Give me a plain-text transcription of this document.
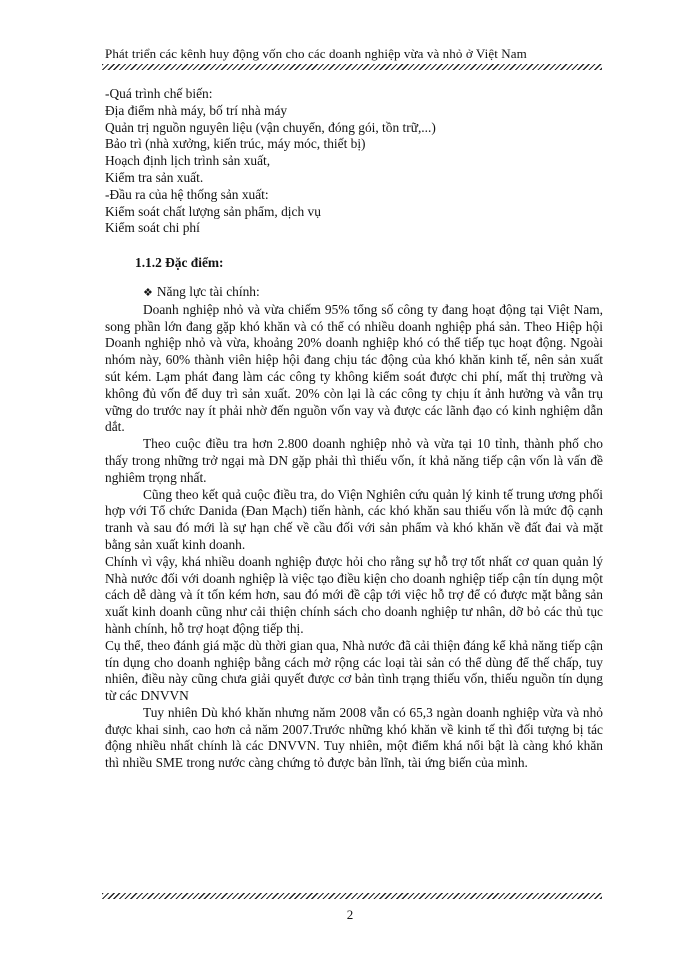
Phát triển các kênh huy động vốn cho các doanh nghiệp vừa và nhỏ ở Việt Nam

-Quá trình chế biến:

Địa điểm nhà máy, bố trí nhà máy

Quản trị nguồn nguyên liệu (vận chuyển, đóng gói, tồn trữ,...)

Bảo trì (nhà xưởng, kiến trúc, máy móc, thiết bị)

Hoạch định lịch trình sản xuất,

Kiểm tra sản xuất.

-Đầu ra của hệ thống sản xuất:

Kiểm soát chất lượng sản phẩm, dịch vụ

Kiểm soát chi phí

1.1.2 Đặc điểm:

❖ Năng lực tài chính:

Doanh nghiệp nhỏ và vừa chiếm 95% tổng số công ty đang hoạt động tại Việt Nam, song phần lớn đang gặp khó khăn và có thể có nhiều doanh nghiệp phá sản. Theo Hiệp hội Doanh nghiệp nhỏ và vừa, khoảng 20% doanh nghiệp khó có thể tiếp tục hoạt động. Ngoài nhóm này, 60% thành viên hiệp hội đang chịu tác động của khó khăn kinh tế, nên sản xuất sút kém. Lạm phát đang làm các công ty không kiểm soát được chi phí, mất thị trường và không đủ vốn để duy trì sản xuất. 20% còn lại là các công ty chịu ít ảnh hưởng và vẫn trụ vững do trước nay ít phải nhờ đến nguồn vốn vay và được các lãnh đạo có kinh nghiệm dẫn dắt.

Theo cuộc điều tra hơn 2.800 doanh nghiệp nhỏ và vừa tại 10 tỉnh, thành phố cho thấy trong những trở ngại mà DN gặp phải thì thiếu vốn, ít khả năng tiếp cận vốn là vấn đề nghiêm trọng nhất.

Cũng theo kết quả cuộc điều tra, do Viện Nghiên cứu quản lý kinh tế trung ương phối hợp với Tổ chức Danida (Đan Mạch) tiến hành, các khó khăn sau thiếu vốn là mức độ cạnh tranh và sau đó mới là sự hạn chế về cầu đối với sản phẩm và khó khăn về đất đai và mặt bằng sản xuất kinh doanh.

Chính vì vậy, khá nhiều doanh nghiệp được hỏi cho rằng sự hỗ trợ tốt nhất cơ quan quản lý Nhà nước đối với doanh nghiệp là việc tạo điều kiện cho doanh nghiệp tiếp cận tín dụng một cách dễ dàng và ít tốn kém hơn, sau đó mới đề cập tới việc hỗ trợ để có được mặt bằng sản xuất kinh doanh cũng như cải thiện chính sách cho doanh nghiệp tư nhân, dỡ bỏ các thủ tục hành chính, hỗ trợ hoạt động tiếp thị.

Cụ thể, theo đánh giá mặc dù thời gian qua, Nhà nước đã cải thiện đáng kể khả năng tiếp cận tín dụng cho doanh nghiệp bằng cách mở rộng các loại tài sản có thể dùng để thế chấp, tuy nhiên, điều này cũng chưa giải quyết được cơ bản tình trạng thiếu vốn, thiếu nguồn tín dụng từ các DNVVN

Tuy nhiên Dù khó khăn nhưng năm 2008 vẫn có 65,3 ngàn doanh nghiệp vừa và nhỏ được khai sinh, cao hơn cả năm 2007.Trước những khó khăn về kinh tế thì đối tượng bị tác động nhiều nhất chính là các DNVVN. Tuy nhiên, một điểm khá nổi bật là càng khó khăn thì nhiều SME trong nước càng chứng tỏ được bản lĩnh, tài ứng biến của mình.

2
